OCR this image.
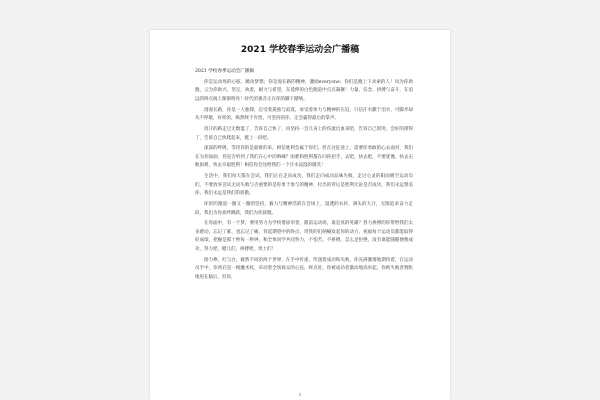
2021 学校春季运动会广播稿
2021 学校春季运动会广播稿

你是运动场的心脏，跳动梦想；你是漫长路的精神，激励everyone；你们是跑上下求索的人！风为你助跑，云为你助兴，坚定，执着，耐力与希望，在延伸的白色跑道中点点凝聚！力量、信念、拼搏与奋斗，在追远的终点线上渐渐明亮！时代的强音正在你的脚下踏响。

漫漫长路，你是一人独撑，忍受着孤独与寂寞，承受着体力与精神的压迫，只信汗水撒于泪水，可脚步却从不停歇，好样的，纵然终于有忧，可坚持的你，定会赢得最后的掌声。

泪汗的路走过无数篮了，告诉自己快了，再坚持一会儿身上的伤流出血来吧，告诉自己别哭，会好的撑得了，告诉自己快爬起来，挺上一段吧。

深深的呼吸，等待你的是最难的来，相信胜利会属于你们，但在这征途上，需要你勇敢的心去面对，我们在为你加油，你是否听到了我们在心中的呐喊？困难和胜利都在向你招手，去吧，快去吧，不要犹豫，快去击败困难，快去夺取胜利！相信你会送给我们一个汗水浸湿的微笑！

生活中，我们每天都在尝试，我们正在走向成功，我们走向成功品味失败，走过心灵的阳雨晴空运动员们，不要放弃尝试无论失败与否重要的是你勇于参与的精神，付出的背后是胜利无论是否成功，我们永远赞美你，我们永远是我们的骄傲。

环形的跑道一圈又一圈的坚持，毅力与精神活跃在会场上，湿透的衣衫，满头的大汗，无限追求奋力走段，我们为你欢呼跳跃，我们为你骄傲。

在你面中，有一个梦，要用努力为学校增添荣誉，跟前运动场，谁是真的英雄？努力拼搏的你带给我们太多感动，忘记了累，也忘记了痛，背起期望中的终点，坦我的们呐喊欢起你的动力，祝福每个运动员都能取得好成绩，把握是那十秒每一秒钟，和全体同学共同努力，不怕苦，不拼搏，怎么足拒绝，没有谁能随随便便成功，努力吧，健儿们，拼搏吧，勇士们！

接力棒，红与白，截然不同的两个世界，在手中传递，传递着成功和失败，你充满激情地期待着，在运动员手中，你将启是一根魔术杖，牵动着全场观众的心弦，终点处，你被成功者激动地高举起，你被失败者惆怅地甩在脑后，但你，

1
